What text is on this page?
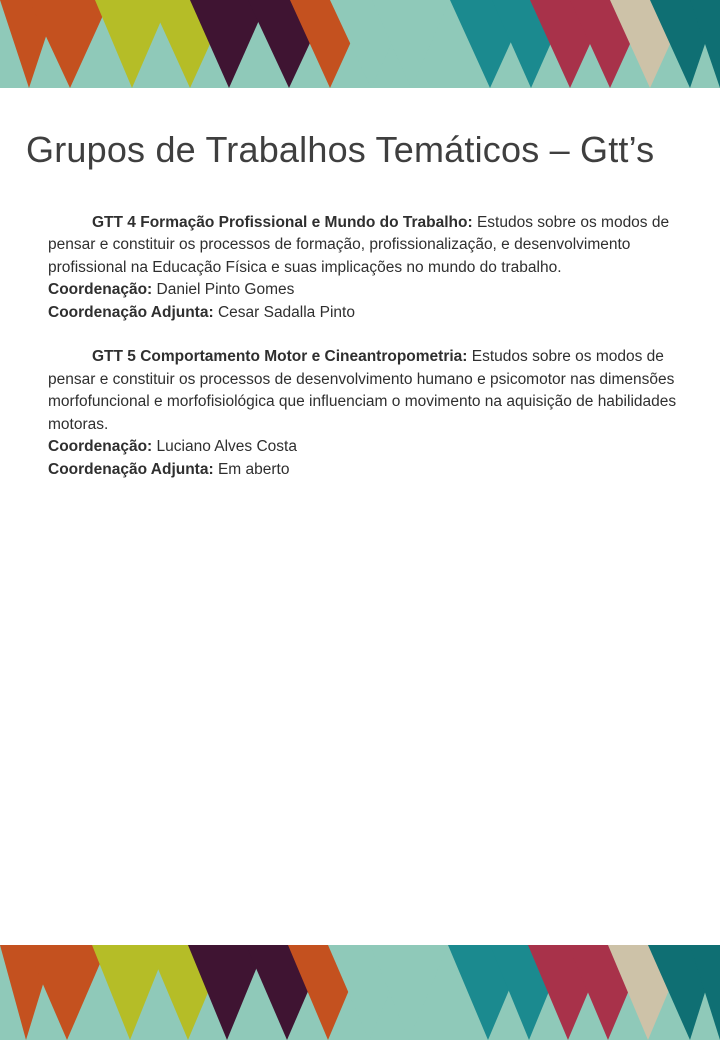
Grupos de Trabalhos Temáticos – Gtt’s

GTT 4 Formação Profissional e Mundo do Trabalho: Estudos sobre os modos de pensar e constituir os processos de formação, profissionalização, e desenvolvimento profissional na Educação Física e suas implicações no mundo do trabalho.

Coordenação: Daniel Pinto Gomes

Coordenação Adjunta: Cesar Sadalla Pinto

GTT 5 Comportamento Motor e Cineantropometria: Estudos sobre os modos de pensar e constituir os processos de desenvolvimento humano e psicomotor nas dimensões morfofuncional e morfofisiológica que influenciam o movimento na aquisição de habilidades motoras.

Coordenação: Luciano Alves Costa

Coordenação Adjunta: Em aberto
